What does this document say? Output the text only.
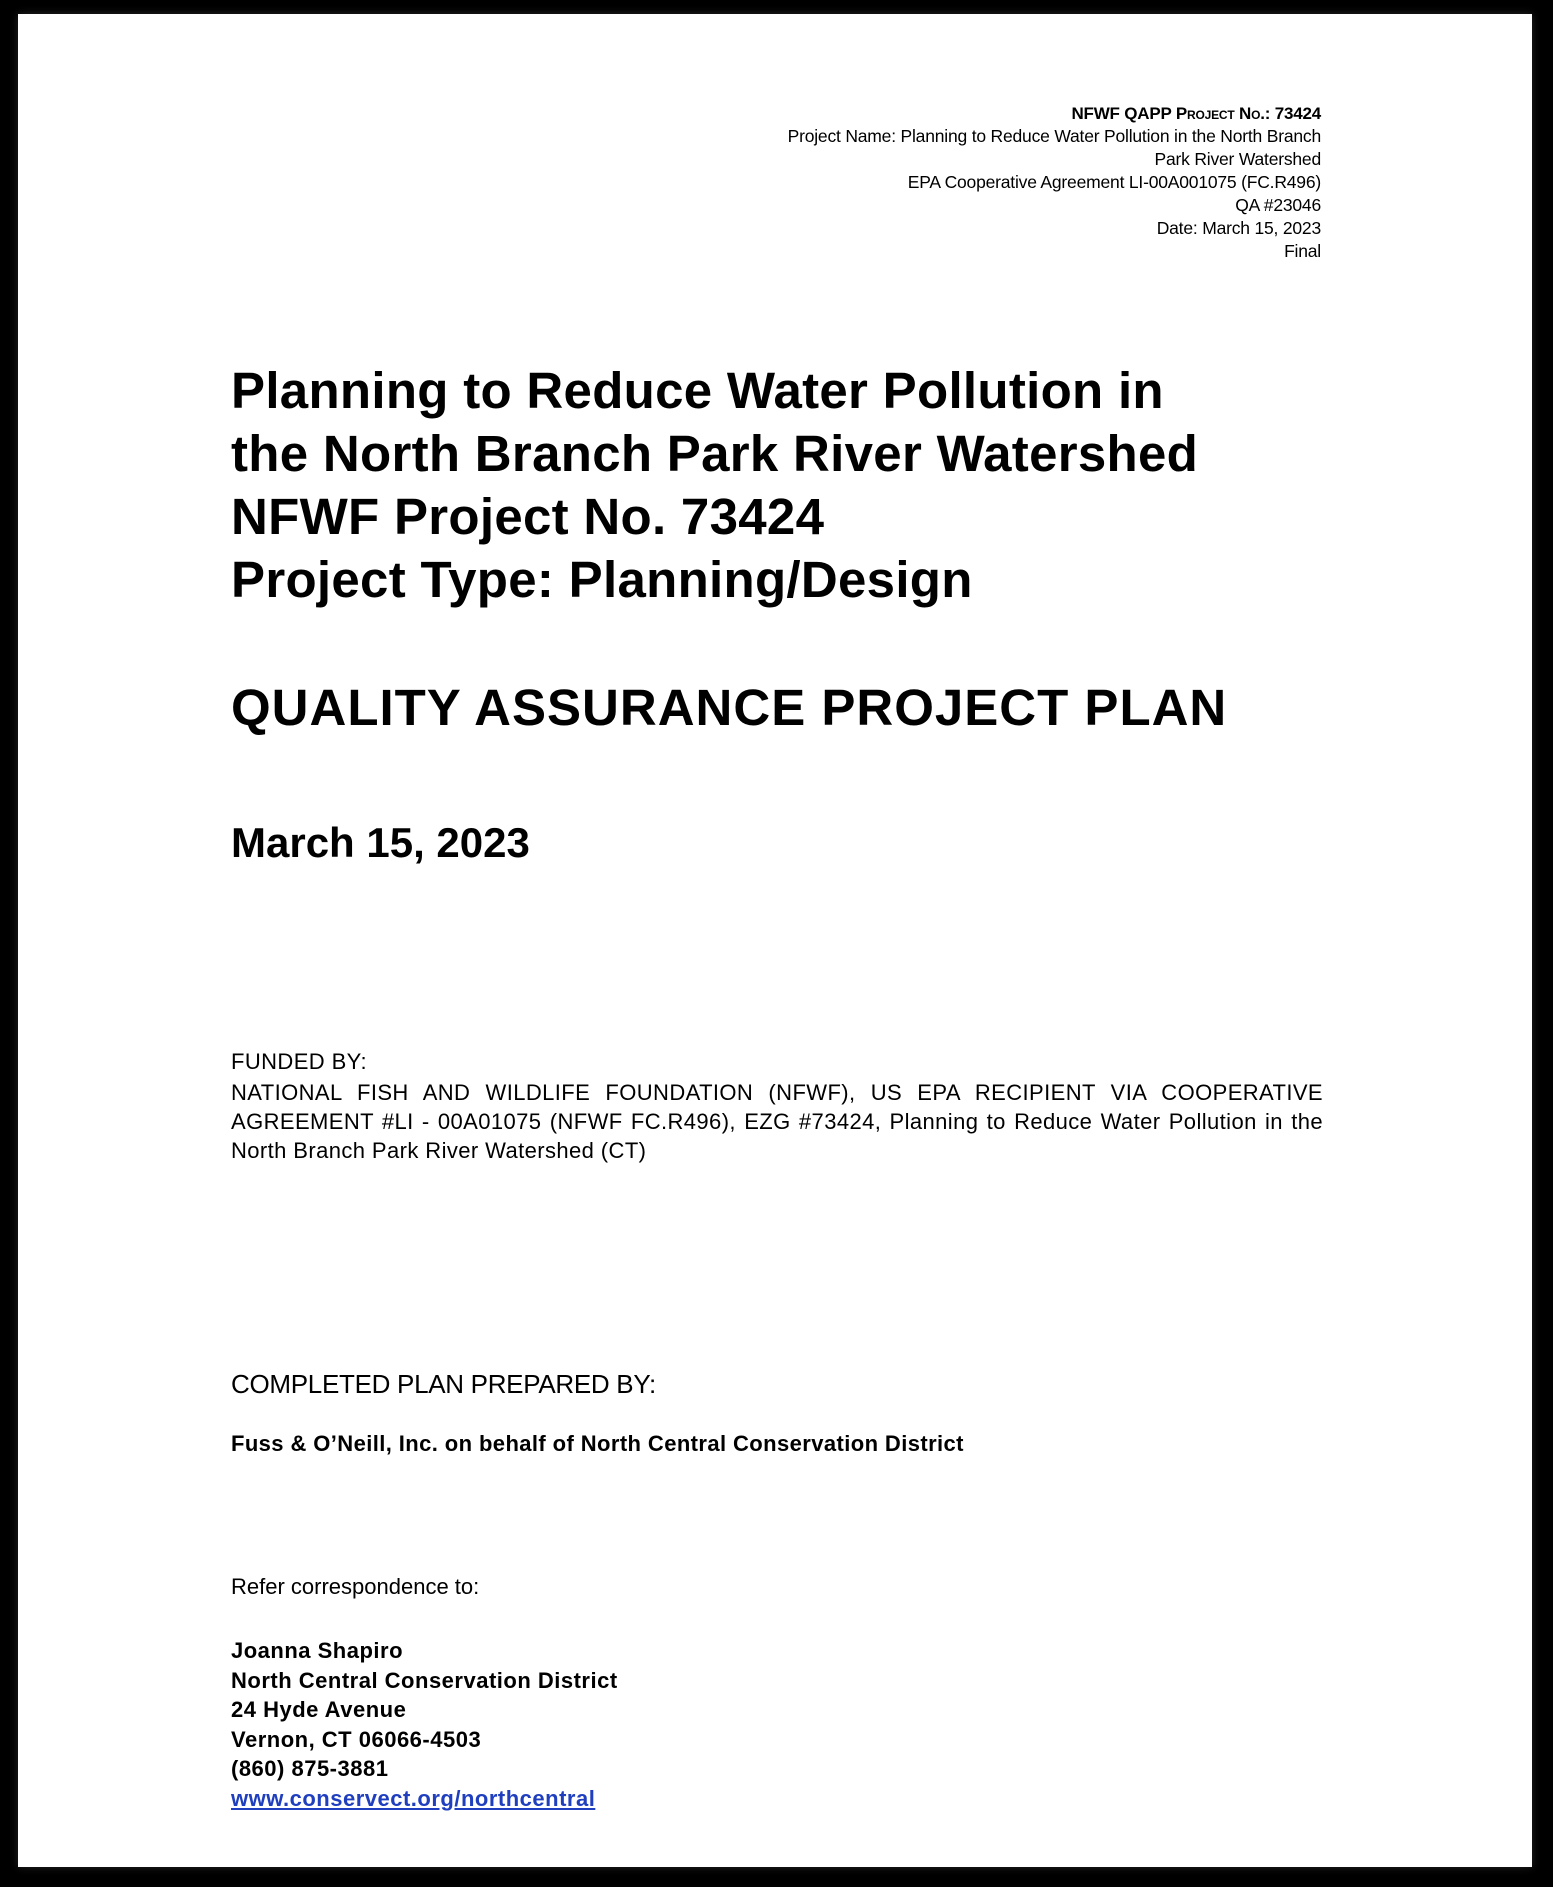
NFWF QAPP Project No.: 73424
Project Name: Planning to Reduce Water Pollution in the North Branch
Park River Watershed
EPA Cooperative Agreement LI-00A001075 (FC.R496)
QA #23046
Date: March 15, 2023
Final
Planning to Reduce Water Pollution in
the North Branch Park River Watershed
NFWF Project No. 73424
Project Type: Planning/Design
QUALITY ASSURANCE PROJECT PLAN
March 15, 2023
FUNDED BY:
NATIONAL FISH AND WILDLIFE FOUNDATION (NFWF), US EPA RECIPIENT VIA COOPERATIVE AGREEMENT #LI - 00A01075 (NFWF FC.R496), EZG #73424, Planning to Reduce Water Pollution in the North Branch Park River Watershed (CT)
COMPLETED PLAN PREPARED BY:
Fuss & O’Neill, Inc. on behalf of North Central Conservation District
Refer correspondence to:
Joanna Shapiro
North Central Conservation District
24 Hyde Avenue
Vernon, CT 06066-4503
(860) 875-3881
www.conservect.org/northcentral
